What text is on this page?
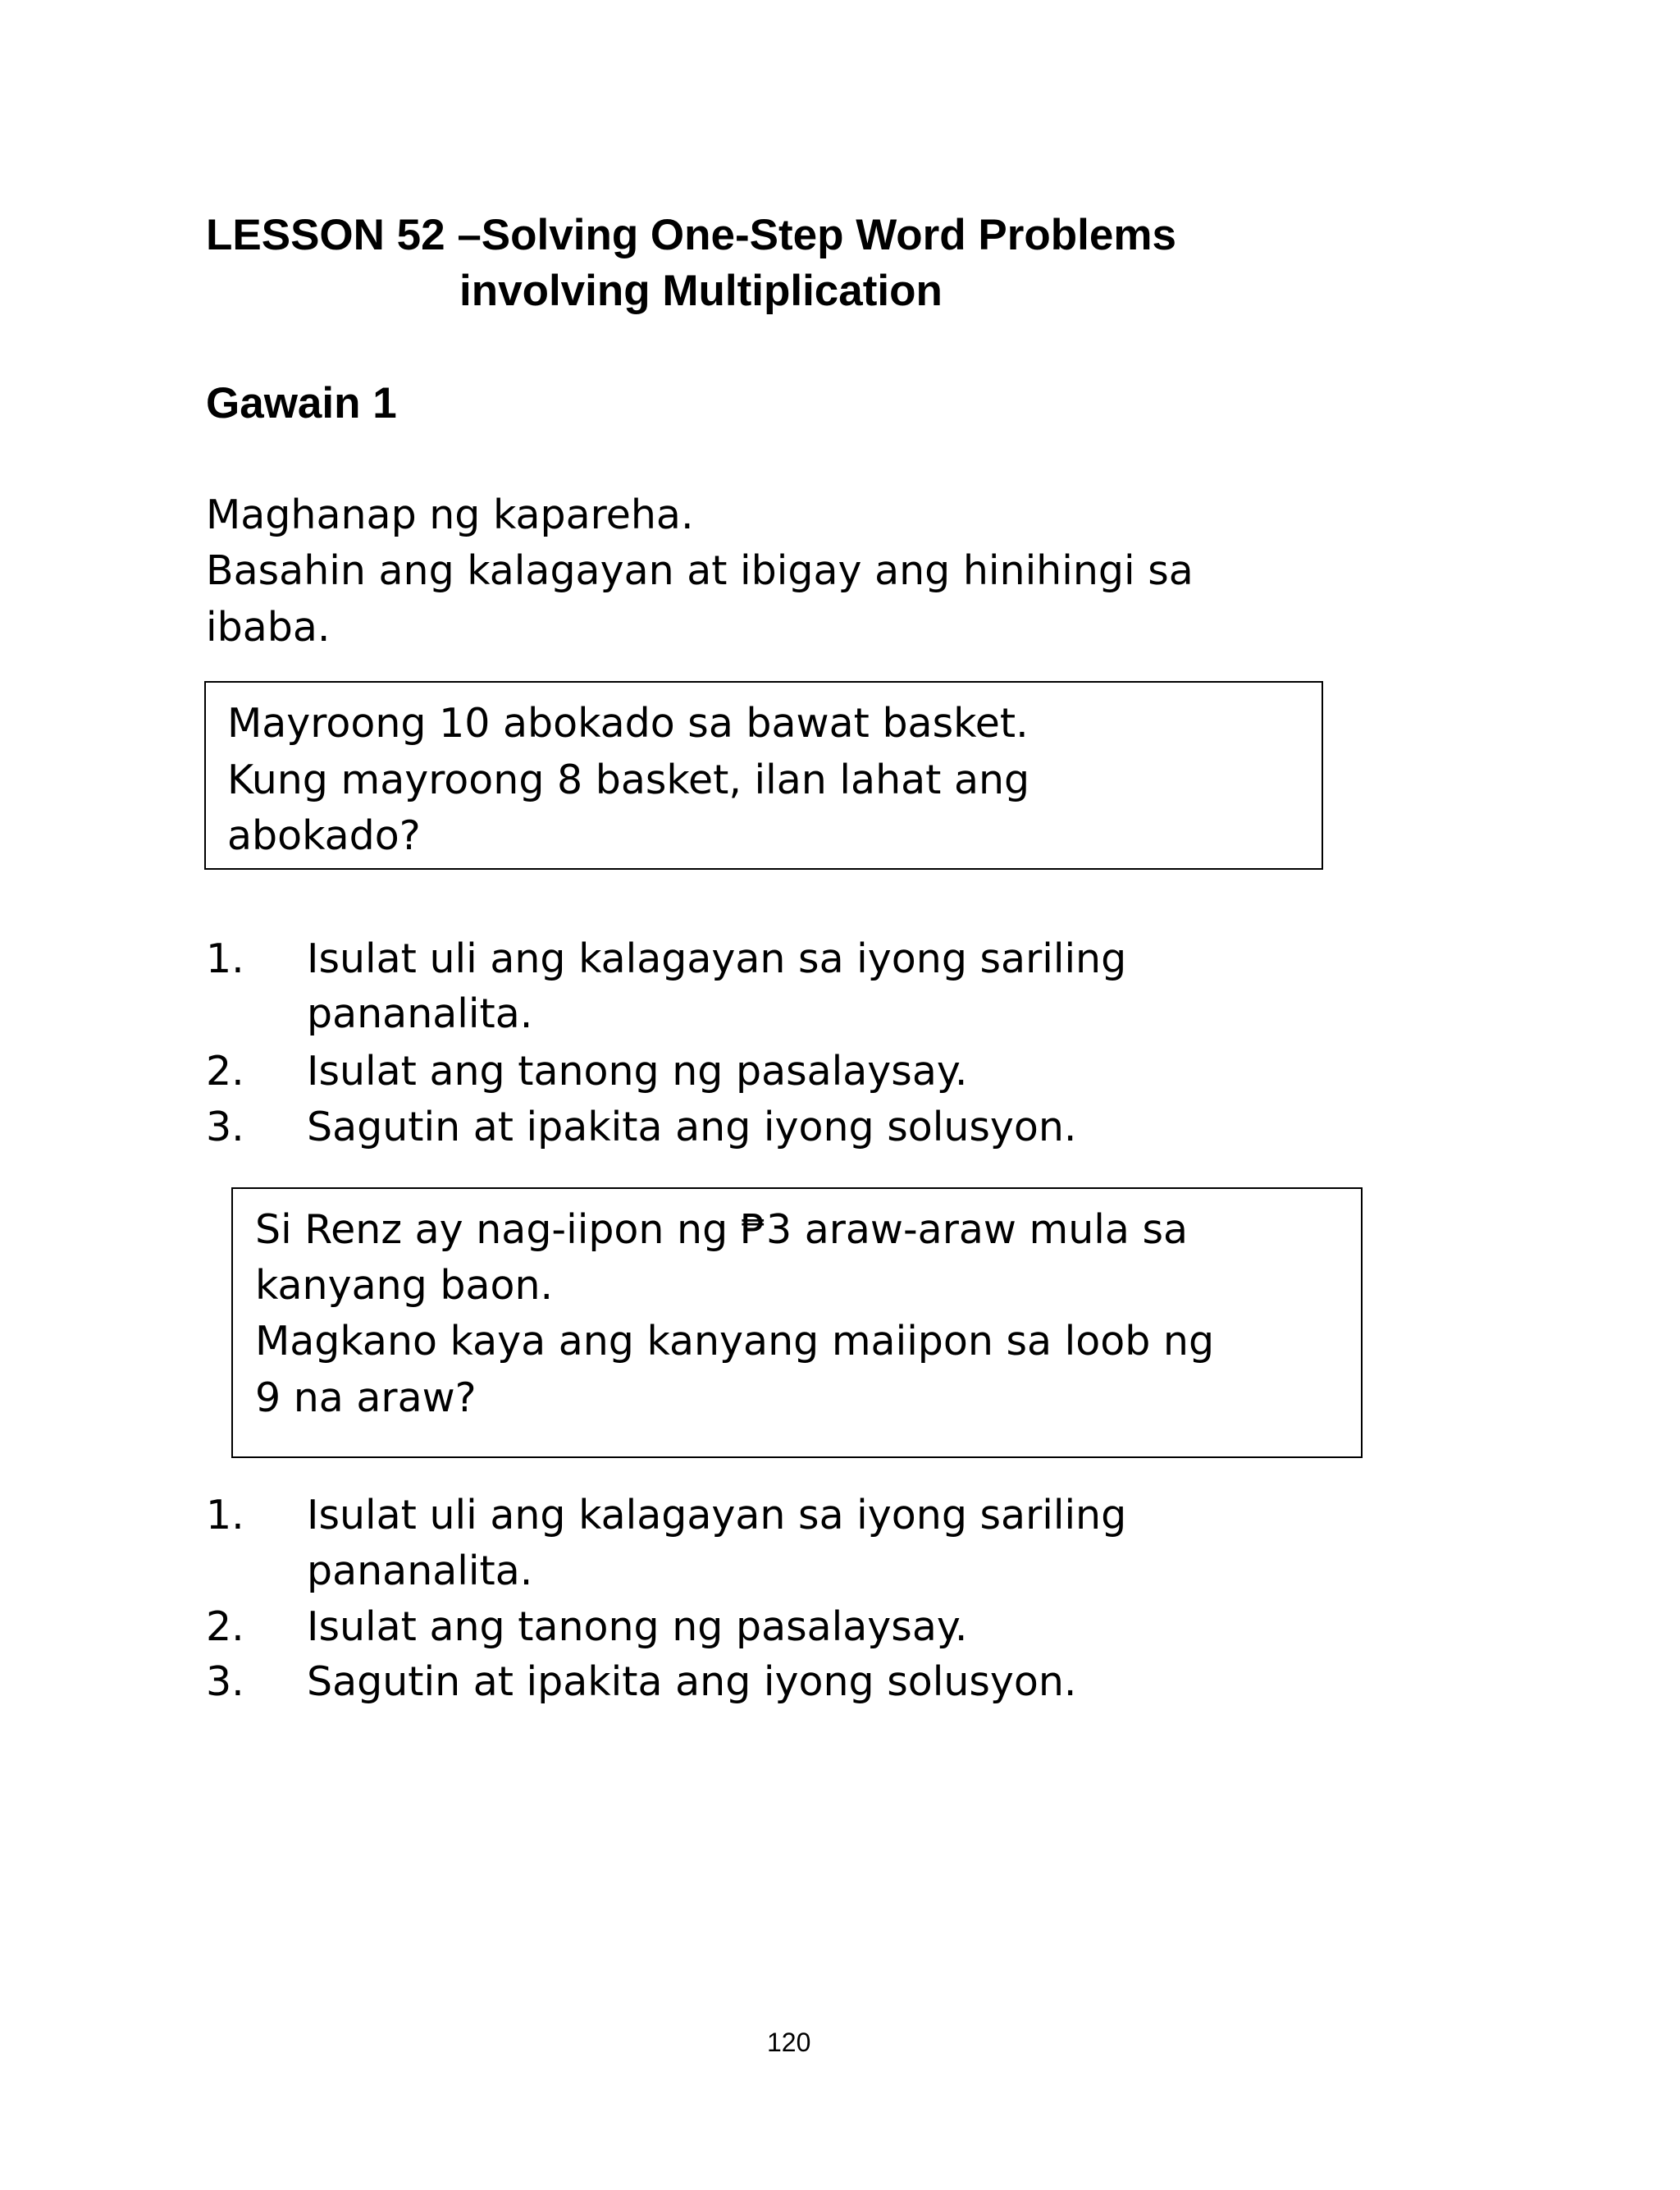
LESSON 52 –Solving One-Step Word Problems
involving Multiplication
Gawain 1
Maghanap ng kapareha.
Basahin ang kalagayan at ibigay ang hinihingi sa
ibaba.
Mayroong 10 abokado sa bawat basket.
Kung mayroong 8 basket, ilan lahat ang
abokado?
1. Isulat uli ang kalagayan sa iyong sariling
pananalita.
2. Isulat ang tanong ng pasalaysay.
3. Sagutin at ipakita ang iyong solusyon.
Si Renz ay nag-iipon ng ₱3 araw-araw mula sa
kanyang baon.
Magkano kaya ang kanyang maiipon sa loob ng
9 na araw?
1. Isulat uli ang kalagayan sa iyong sariling
pananalita.
2. Isulat ang tanong ng pasalaysay.
3. Sagutin at ipakita ang iyong solusyon.
120
